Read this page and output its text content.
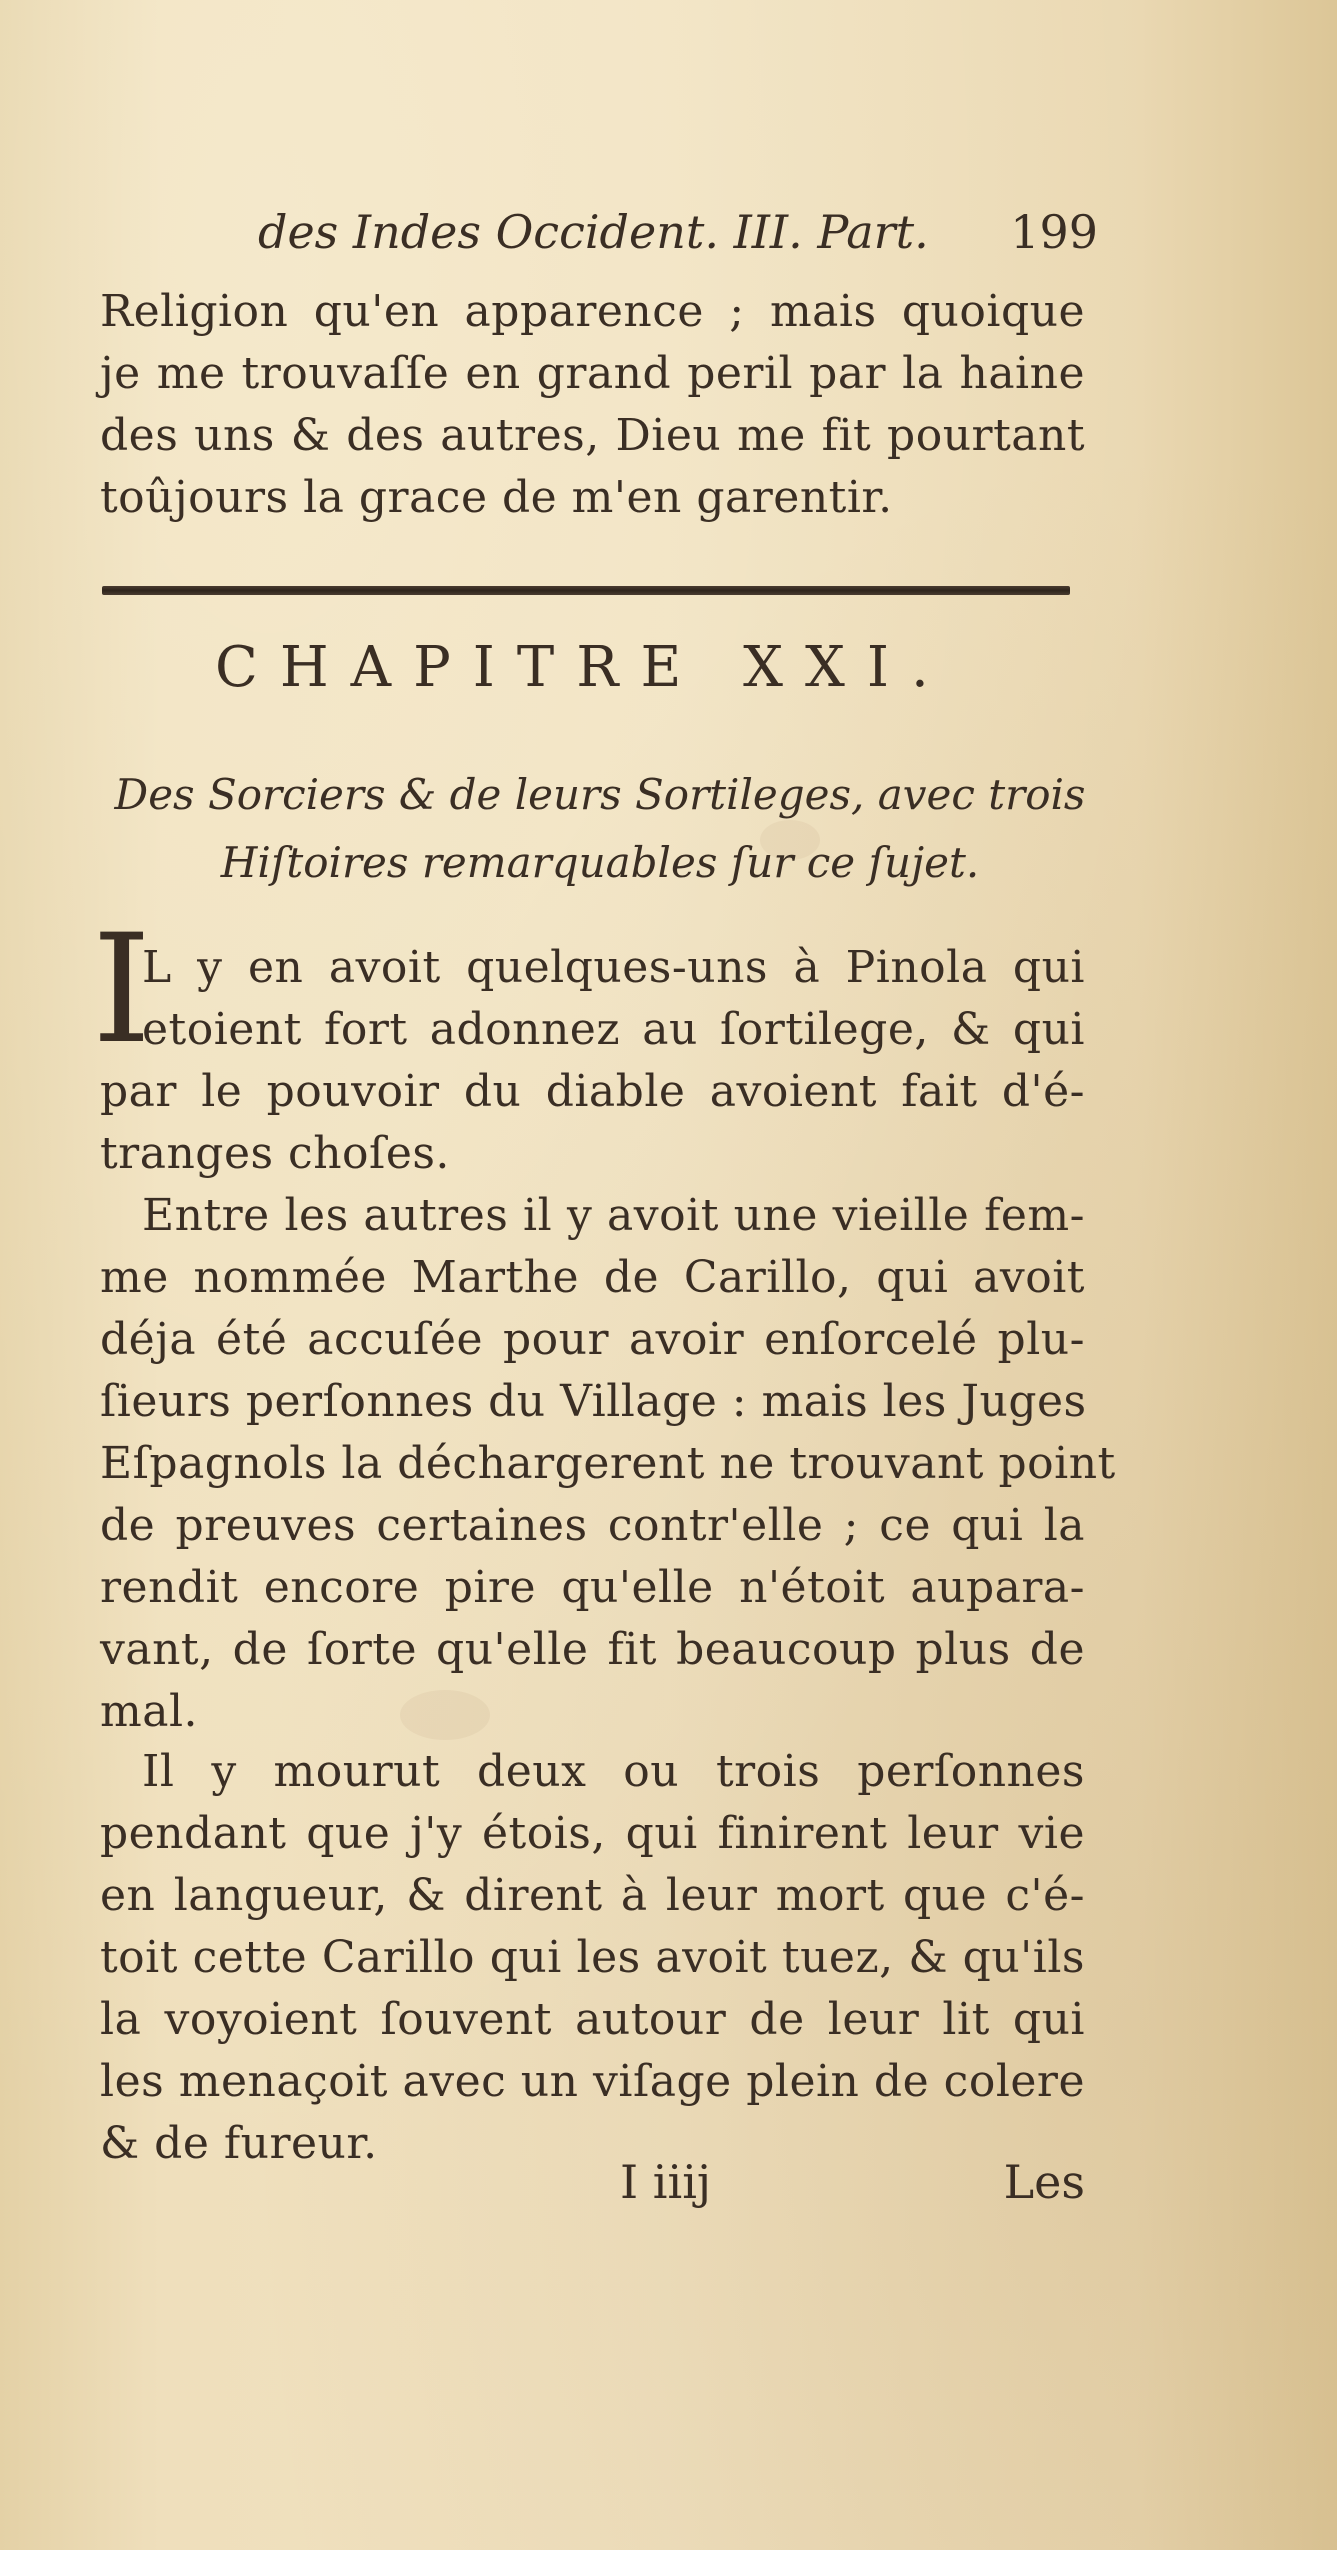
des Indes Occident. III. Part. 199
Religion qu'en apparence ; mais quoique
je me trouvaſſe en grand peril par la haine
des uns & des autres, Dieu me fit pourtant
toûjours la grace de m'en garentir.
CHAPITRE XXI.
Des Sorciers & de leurs Sortileges, avec trois
Hiſtoires remarquables ſur ce ſujet.
I
L y en avoit quelques-uns à Pinola qui
etoient fort adonnez au ſortilege, & qui
par le pouvoir du diable avoient fait d'é-
tranges choſes.
Entre les autres il y avoit une vieille fem-
me nommée Marthe de Carillo, qui avoit
déja été accuſée pour avoir enſorcelé plu-
ſieurs perſonnes du Village : mais les Juges
Eſpagnols la déchargerent ne trouvant point
de preuves certaines contr'elle ; ce qui la
rendit encore pire qu'elle n'étoit aupara-
vant, de ſorte qu'elle fit beaucoup plus de
mal.
Il y mourut deux ou trois perſonnes
pendant que j'y étois, qui finirent leur vie
en langueur, & dirent à leur mort que c'é-
toit cette Carillo qui les avoit tuez, & qu'ils
la voyoient ſouvent autour de leur lit qui
les menaçoit avec un viſage plein de colere
& de fureur.
I iiij	Les
